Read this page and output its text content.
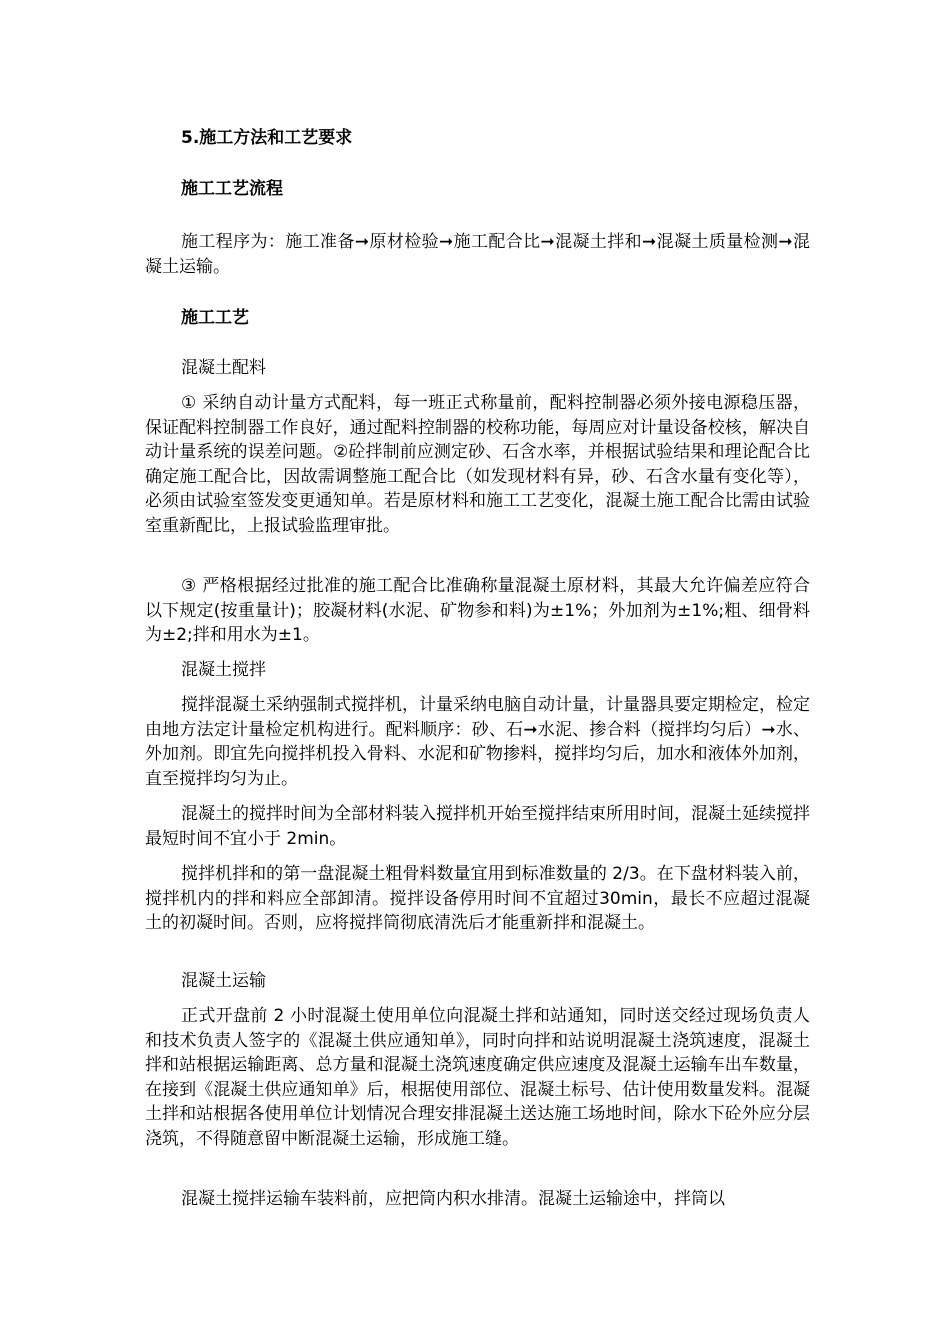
5.施工方法和工艺要求
施工工艺流程

施工程序为：施工准备➞原材检验➞施工配合比➞混凝土拌和➞混凝土质量检测➞混凝土运输。

施工工艺
混凝土配料

① 采纳自动计量方式配料，每一班正式称量前，配料控制器必须外接电源稳压器，保证配料控制器工作良好，通过配料控制器的校称功能，每周应对计量设备校核，解决自动计量系统的误差问题。②砼拌制前应测定砂、石含水率，并根据试验结果和理论配合比确定施工配合比，因故需调整施工配合比（如发现材料有异，砂、石含水量有变化等），必须由试验室签发变更通知单。若是原材料和施工工艺变化，混凝土施工配合比需由试验室重新配比，上报试验监理审批。

③ 严格根据经过批准的施工配合比准确称量混凝土原材料，其最大允许偏差应符合以下规定(按重量计)；胶凝材料(水泥、矿物参和料)为±1%；外加剂为±1%;粗、细骨料为±2;拌和用水为±1。

混凝土搅拌

搅拌混凝土采纳强制式搅拌机，计量采纳电脑自动计量，计量器具要定期检定，检定由地方法定计量检定机构进行。配料顺序：砂、石➞水泥、掺合料（搅拌均匀后）➞水、外加剂。即宜先向搅拌机投入骨料、水泥和矿物掺料，搅拌均匀后，加水和液体外加剂，直至搅拌均匀为止。

混凝土的搅拌时间为全部材料装入搅拌机开始至搅拌结束所用时间，混凝土延续搅拌最短时间不宜小于 2min。

搅拌机拌和的第一盘混凝土粗骨料数量宜用到标准数量的 2/3。在下盘材料装入前，搅拌机内的拌和料应全部卸清。搅拌设备停用时间不宜超过30min，最长不应超过混凝土的初凝时间。否则，应将搅拌筒彻底清洗后才能重新拌和混凝土。

混凝土运输

正式开盘前 2 小时混凝土使用单位向混凝土拌和站通知，同时送交经过现场负责人和技术负责人签字的《混凝土供应通知单》，同时向拌和站说明混凝土浇筑速度，混凝土拌和站根据运输距离、总方量和混凝土浇筑速度确定供应速度及混凝土运输车出车数量，在接到《混凝土供应通知单》后，根据使用部位、混凝土标号、估计使用数量发料。混凝土拌和站根据各使用单位计划情况合理安排混凝土送达施工场地时间，除水下砼外应分层浇筑，不得随意留中断混凝土运输，形成施工缝。

混凝土搅拌运输车装料前，应把筒内积水排清。混凝土运输途中，拌筒以
